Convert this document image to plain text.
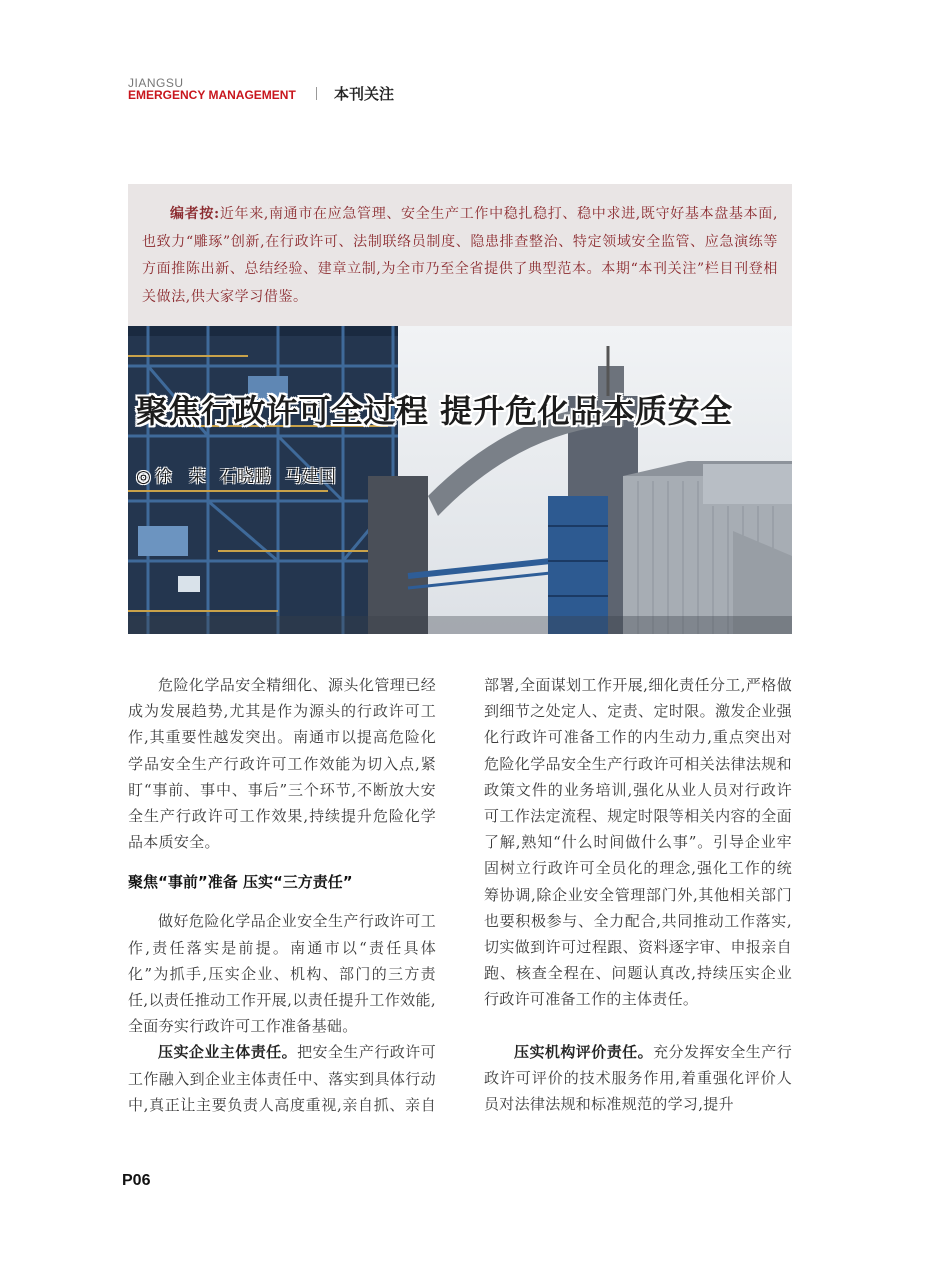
JIANGSU
EMERGENCY MANAGEMENT	本刊关注

编者按:近年来,南通市在应急管理、安全生产工作中稳扎稳打、稳中求进,既守好基本盘基本面,也致力“雕琢”创新,在行政许可、法制联络员制度、隐患排查整治、特定领域安全监管、应急演练等方面推陈出新、总结经验、建章立制,为全市乃至全省提供了典型范本。本期“本刊关注”栏目刊登相关做法,供大家学习借鉴。

聚焦行政许可全过程 提升危化品本质安全
◎ 徐　荣 石晓鹏 马建国

危险化学品安全精细化、源头化管理已经成为发展趋势,尤其是作为源头的行政许可工作,其重要性越发突出。南通市以提高危险化学品安全生产行政许可工作效能为切入点,紧盯“事前、事中、事后”三个环节,不断放大安全生产行政许可工作效果,持续提升危险化学品本质安全。

聚焦“事前”准备 压实“三方责任”

做好危险化学品企业安全生产行政许可工作,责任落实是前提。南通市以“责任具体化”为抓手,压实企业、机构、部门的三方责任,以责任推动工作开展,以责任提升工作效能,全面夯实行政许可工作准备基础。

压实企业主体责任。把安全生产行政许可工作融入到企业主体责任中、落实到具体行动中,真正让主要负责人高度重视,亲自抓、亲自

部署,全面谋划工作开展,细化责任分工,严格做到细节之处定人、定责、定时限。激发企业强化行政许可准备工作的内生动力,重点突出对危险化学品安全生产行政许可相关法律法规和政策文件的业务培训,强化从业人员对行政许可工作法定流程、规定时限等相关内容的全面了解,熟知“什么时间做什么事”。引导企业牢固树立行政许可全员化的理念,强化工作的统筹协调,除企业安全管理部门外,其他相关部门也要积极参与、全力配合,共同推动工作落实,切实做到许可过程跟、资料逐字审、申报亲自跑、核查全程在、问题认真改,持续压实企业行政许可准备工作的主体责任。

压实机构评价责任。充分发挥安全生产行政许可评价的技术服务作用,着重强化评价人员对法律法规和标准规范的学习,提升

P06
